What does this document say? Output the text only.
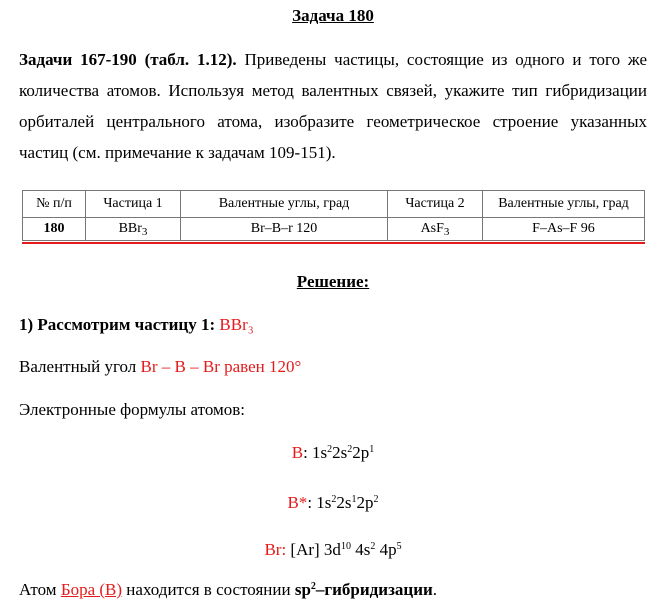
Задача 180
Задачи 167-190 (табл. 1.12). Приведены частицы, состоящие из одного и того же количества атомов. Используя метод валентных связей, укажите тип гибридизации орбиталей центрального атома, изобразите геометрическое строение указанных частиц (см. примечание к задачам 109-151).
№ п/п	Частица 1	Валентные углы, град	Частица 2	Валентные углы, град
180	BBr$_3$	Br–B–r 120	AsF$_3$	F–As–F 96
Решение:
1) Рассмотрим частицу 1: BBr₃
Валентный угол Br – B – Br равен 120°
Электронные формулы атомов:
B: $1s^22s^22p^1$
B*: $1s^22s^12p^2$
Br: [Ar] $3d^{10}$ $4s^2$ $4p^5$
Атом Бора (B) находится в состоянии $sp^2$–гибридизации.
